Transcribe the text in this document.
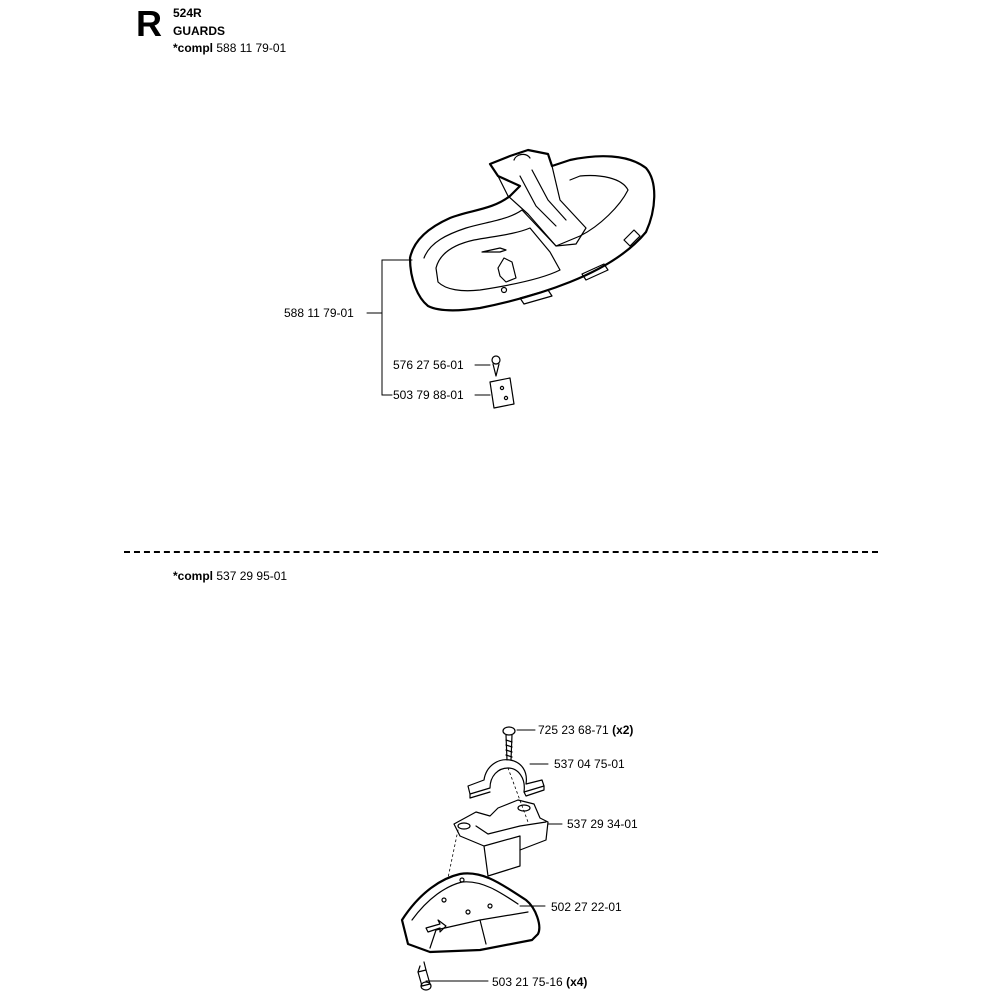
R 524R
GUARDS
*compl 588 11 79-01
588 11 79-01
576 27 56-01
503 79 88-01
*compl 537 29 95-01
725 23 68-71 (x2)
537 04 75-01
537 29 34-01
502 27 22-01
503 21 75-16 (x4)
